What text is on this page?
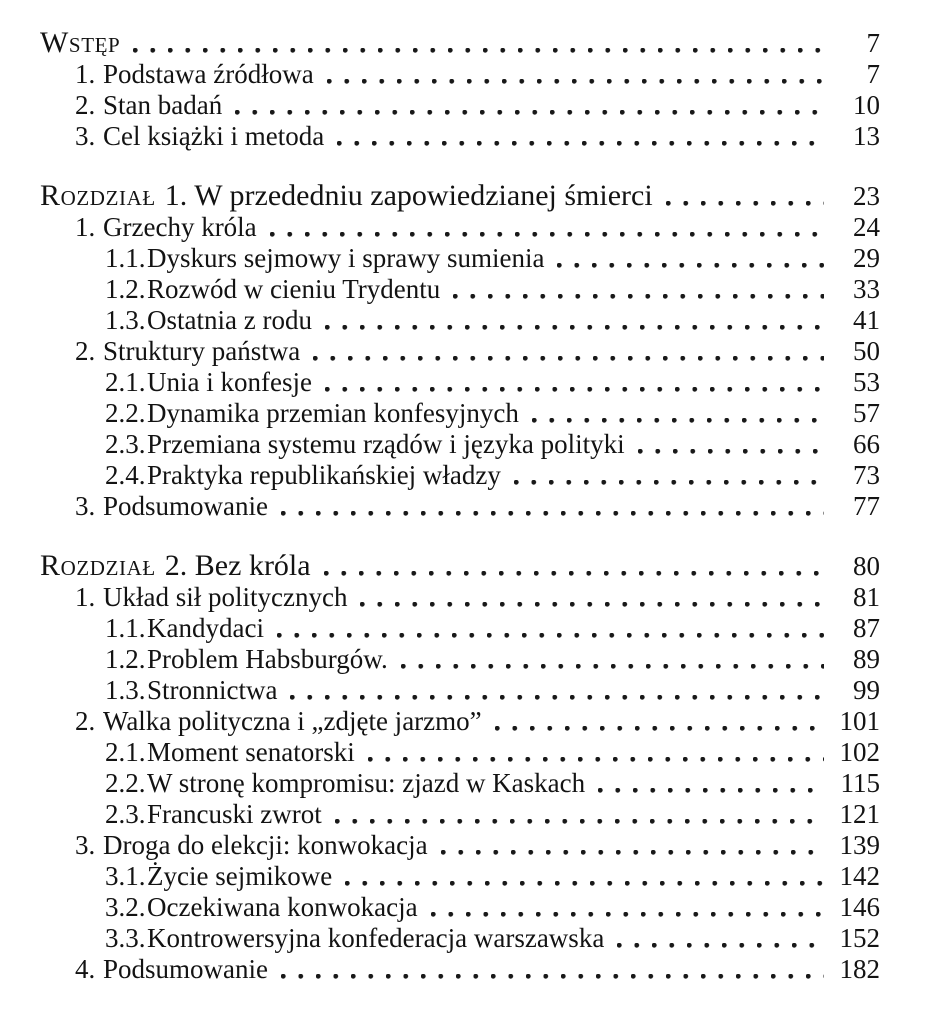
Wstęp	7
1. Podstawa źródłowa	7
2. Stan badań	10
3. Cel książki i metoda	13
Rozdział 1. W przededniu zapowiedzianej śmierci	23
1. Grzechy króla	24
1.1. Dyskurs sejmowy i sprawy sumienia	29
1.2. Rozwód w cieniu Trydentu	33
1.3. Ostatnia z rodu	41
2. Struktury państwa	50
2.1. Unia i konfesje	53
2.2. Dynamika przemian konfesyjnych	57
2.3. Przemiana systemu rządów i języka polityki	66
2.4. Praktyka republikańskiej władzy	73
3. Podsumowanie	77
Rozdział 2. Bez króla	80
1. Układ sił politycznych	81
1.1. Kandydaci	87
1.2. Problem Habsburgów.	89
1.3. Stronnictwa	99
2. Walka polityczna i „zdjęte jarzmo”	101
2.1. Moment senatorski	102
2.2. W stronę kompromisu: zjazd w Kaskach	115
2.3. Francuski zwrot	121
3. Droga do elekcji: konwokacja	139
3.1. Życie sejmikowe	142
3.2. Oczekiwana konwokacja	146
3.3. Kontrowersyjna konfederacja warszawska	152
4. Podsumowanie	182
